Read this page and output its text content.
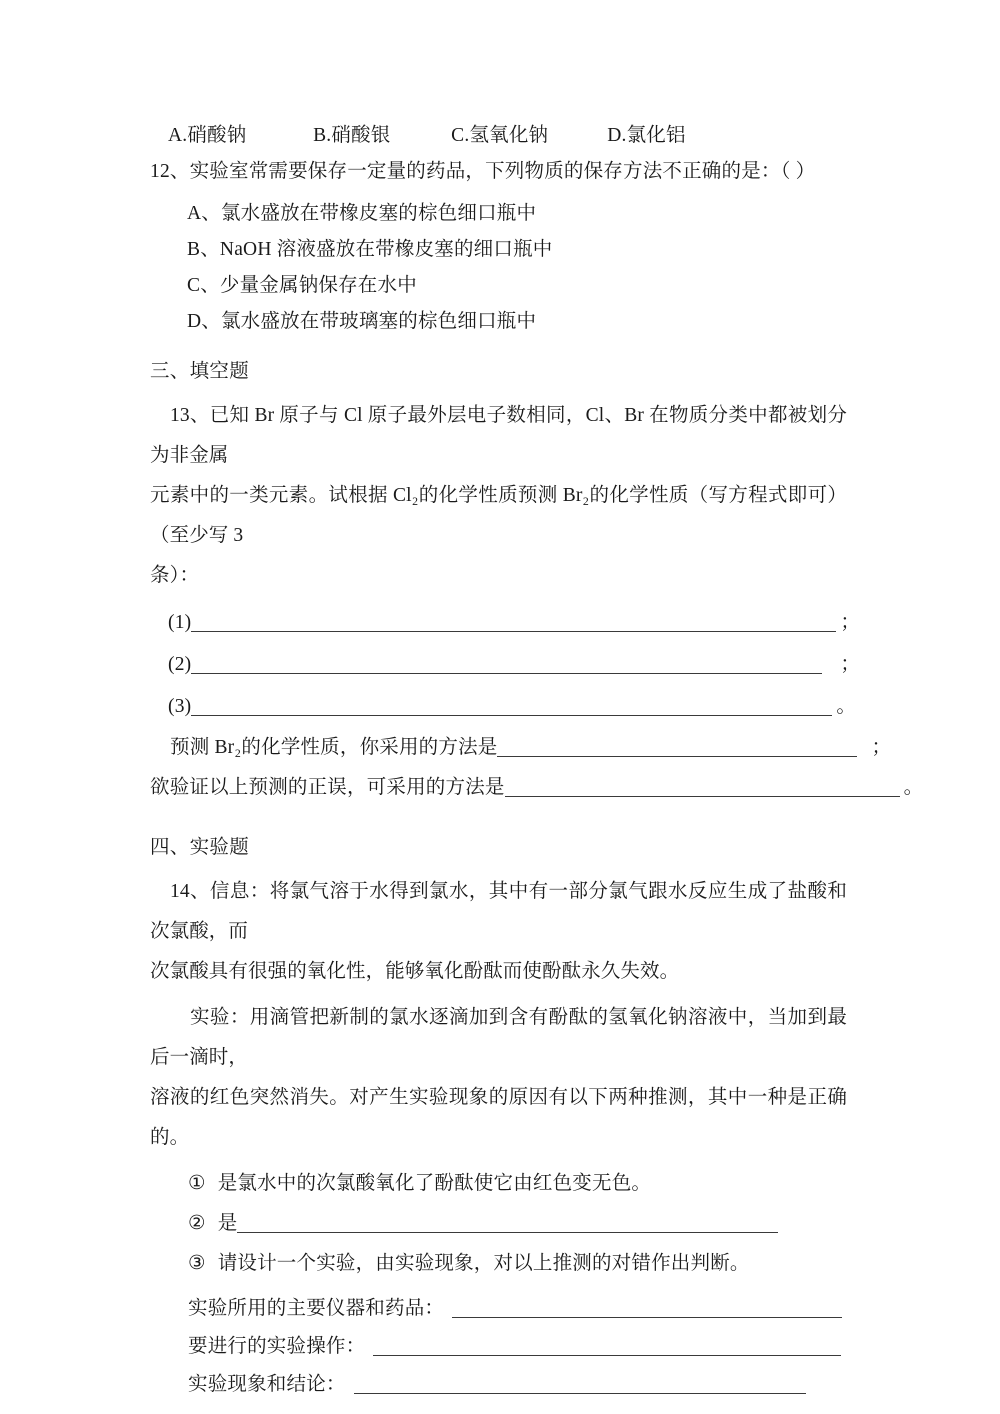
A.硝酸钠	B.硝酸银	C.氢氧化钠	D.氯化铝
12、实验室常需要保存一定量的药品，下列物质的保存方法不正确的是：（ ）
A、氯水盛放在带橡皮塞的棕色细口瓶中
B、NaOH 溶液盛放在带橡皮塞的细口瓶中
C、少量金属钠保存在水中
D、氯水盛放在带玻璃塞的棕色细口瓶中
三、填空题
13、已知 Br 原子与 Cl 原子最外层电子数相同，Cl、Br 在物质分类中都被划分为非金属
元素中的一类元素。试根据 Cl₂的化学性质预测 Br₂的化学性质（写方程式即可）（至少写 3
条）：
(1)	；
(2)	；
(3)	。
预测 Br₂的化学性质，你采用的方法是	；
欲验证以上预测的正误，可采用的方法是	。
四、实验题
14、信息：将氯气溶于水得到氯水，其中有一部分氯气跟水反应生成了盐酸和次氯酸，而
次氯酸具有很强的氧化性，能够氧化酚酞而使酚酞永久失效。
实验：用滴管把新制的氯水逐滴加到含有酚酞的氢氧化钠溶液中，当加到最后一滴时，
溶液的红色突然消失。对产生实验现象的原因有以下两种推测，其中一种是正确的。
① 是氯水中的次氯酸氧化了酚酞使它由红色变无色。
② 是
③ 请设计一个实验，由实验现象，对以上推测的对错作出判断。
实验所用的主要仪器和药品：
要进行的实验操作：
实验现象和结论：
